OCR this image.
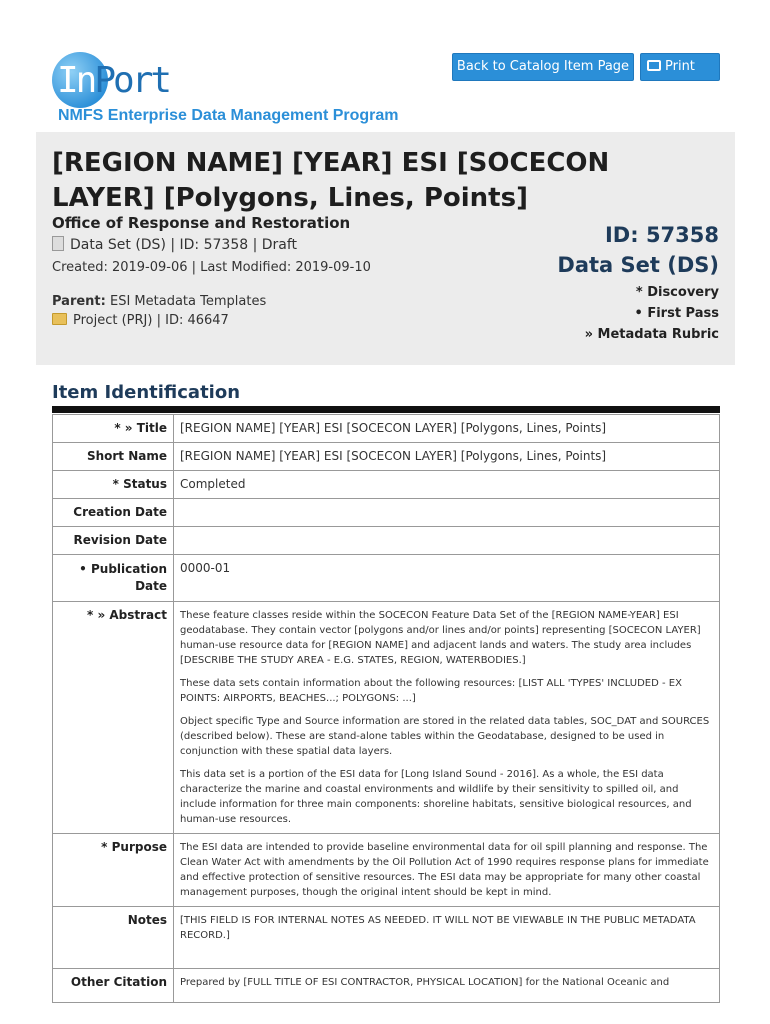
Back to Catalog Item Page	Print
InPort
NMFS Enterprise Data Management Program
[REGION NAME] [YEAR] ESI [SOCECON LAYER] [Polygons, Lines, Points]
Office of Response and Restoration
Data Set (DS) | ID: 57358 | Draft
Created: 2019-09-06 | Last Modified: 2019-09-10
Parent: ESI Metadata Templates
Project (PRJ) | ID: 46647
ID: 57358
Data Set (DS)
* Discovery
• First Pass
» Metadata Rubric
Item Identification
* » Title	[REGION NAME] [YEAR] ESI [SOCECON LAYER] [Polygons, Lines, Points]
Short Name	[REGION NAME] [YEAR] ESI [SOCECON LAYER] [Polygons, Lines, Points]
* Status	Completed
Creation Date	
Revision Date	
• Publication Date	0000-01
* » Abstract	These feature classes reside within the SOCECON Feature Data Set of the [REGION NAME-YEAR] ESI geodatabase. They contain vector [polygons and/or lines and/or points] representing [SOCECON LAYER] human-use resource data for [REGION NAME] and adjacent lands and waters. The study area includes [DESCRIBE THE STUDY AREA - E.G. STATES, REGION, WATERBODIES.]

These data sets contain information about the following resources: [LIST ALL 'TYPES' INCLUDED - EX POINTS: AIRPORTS, BEACHES...; POLYGONS: ...]

Object specific Type and Source information are stored in the related data tables, SOC_DAT and SOURCES (described below). These are stand-alone tables within the Geodatabase, designed to be used in conjunction with these spatial data layers.

This data set is a portion of the ESI data for [Long Island Sound - 2016]. As a whole, the ESI data characterize the marine and coastal environments and wildlife by their sensitivity to spilled oil, and include information for three main components: shoreline habitats, sensitive biological resources, and human-use resources.

* Purpose	The ESI data are intended to provide baseline environmental data for oil spill planning and response. The Clean Water Act with amendments by the Oil Pollution Act of 1990 requires response plans for immediate and effective protection of sensitive resources. The ESI data may be appropriate for many other coastal management purposes, though the original intent should be kept in mind.
Notes	[THIS FIELD IS FOR INTERNAL NOTES AS NEEDED. IT WILL NOT BE VIEWABLE IN THE PUBLIC METADATA RECORD.]
Other Citation	Prepared by [FULL TITLE OF ESI CONTRACTOR, PHYSICAL LOCATION] for the National Oceanic and
